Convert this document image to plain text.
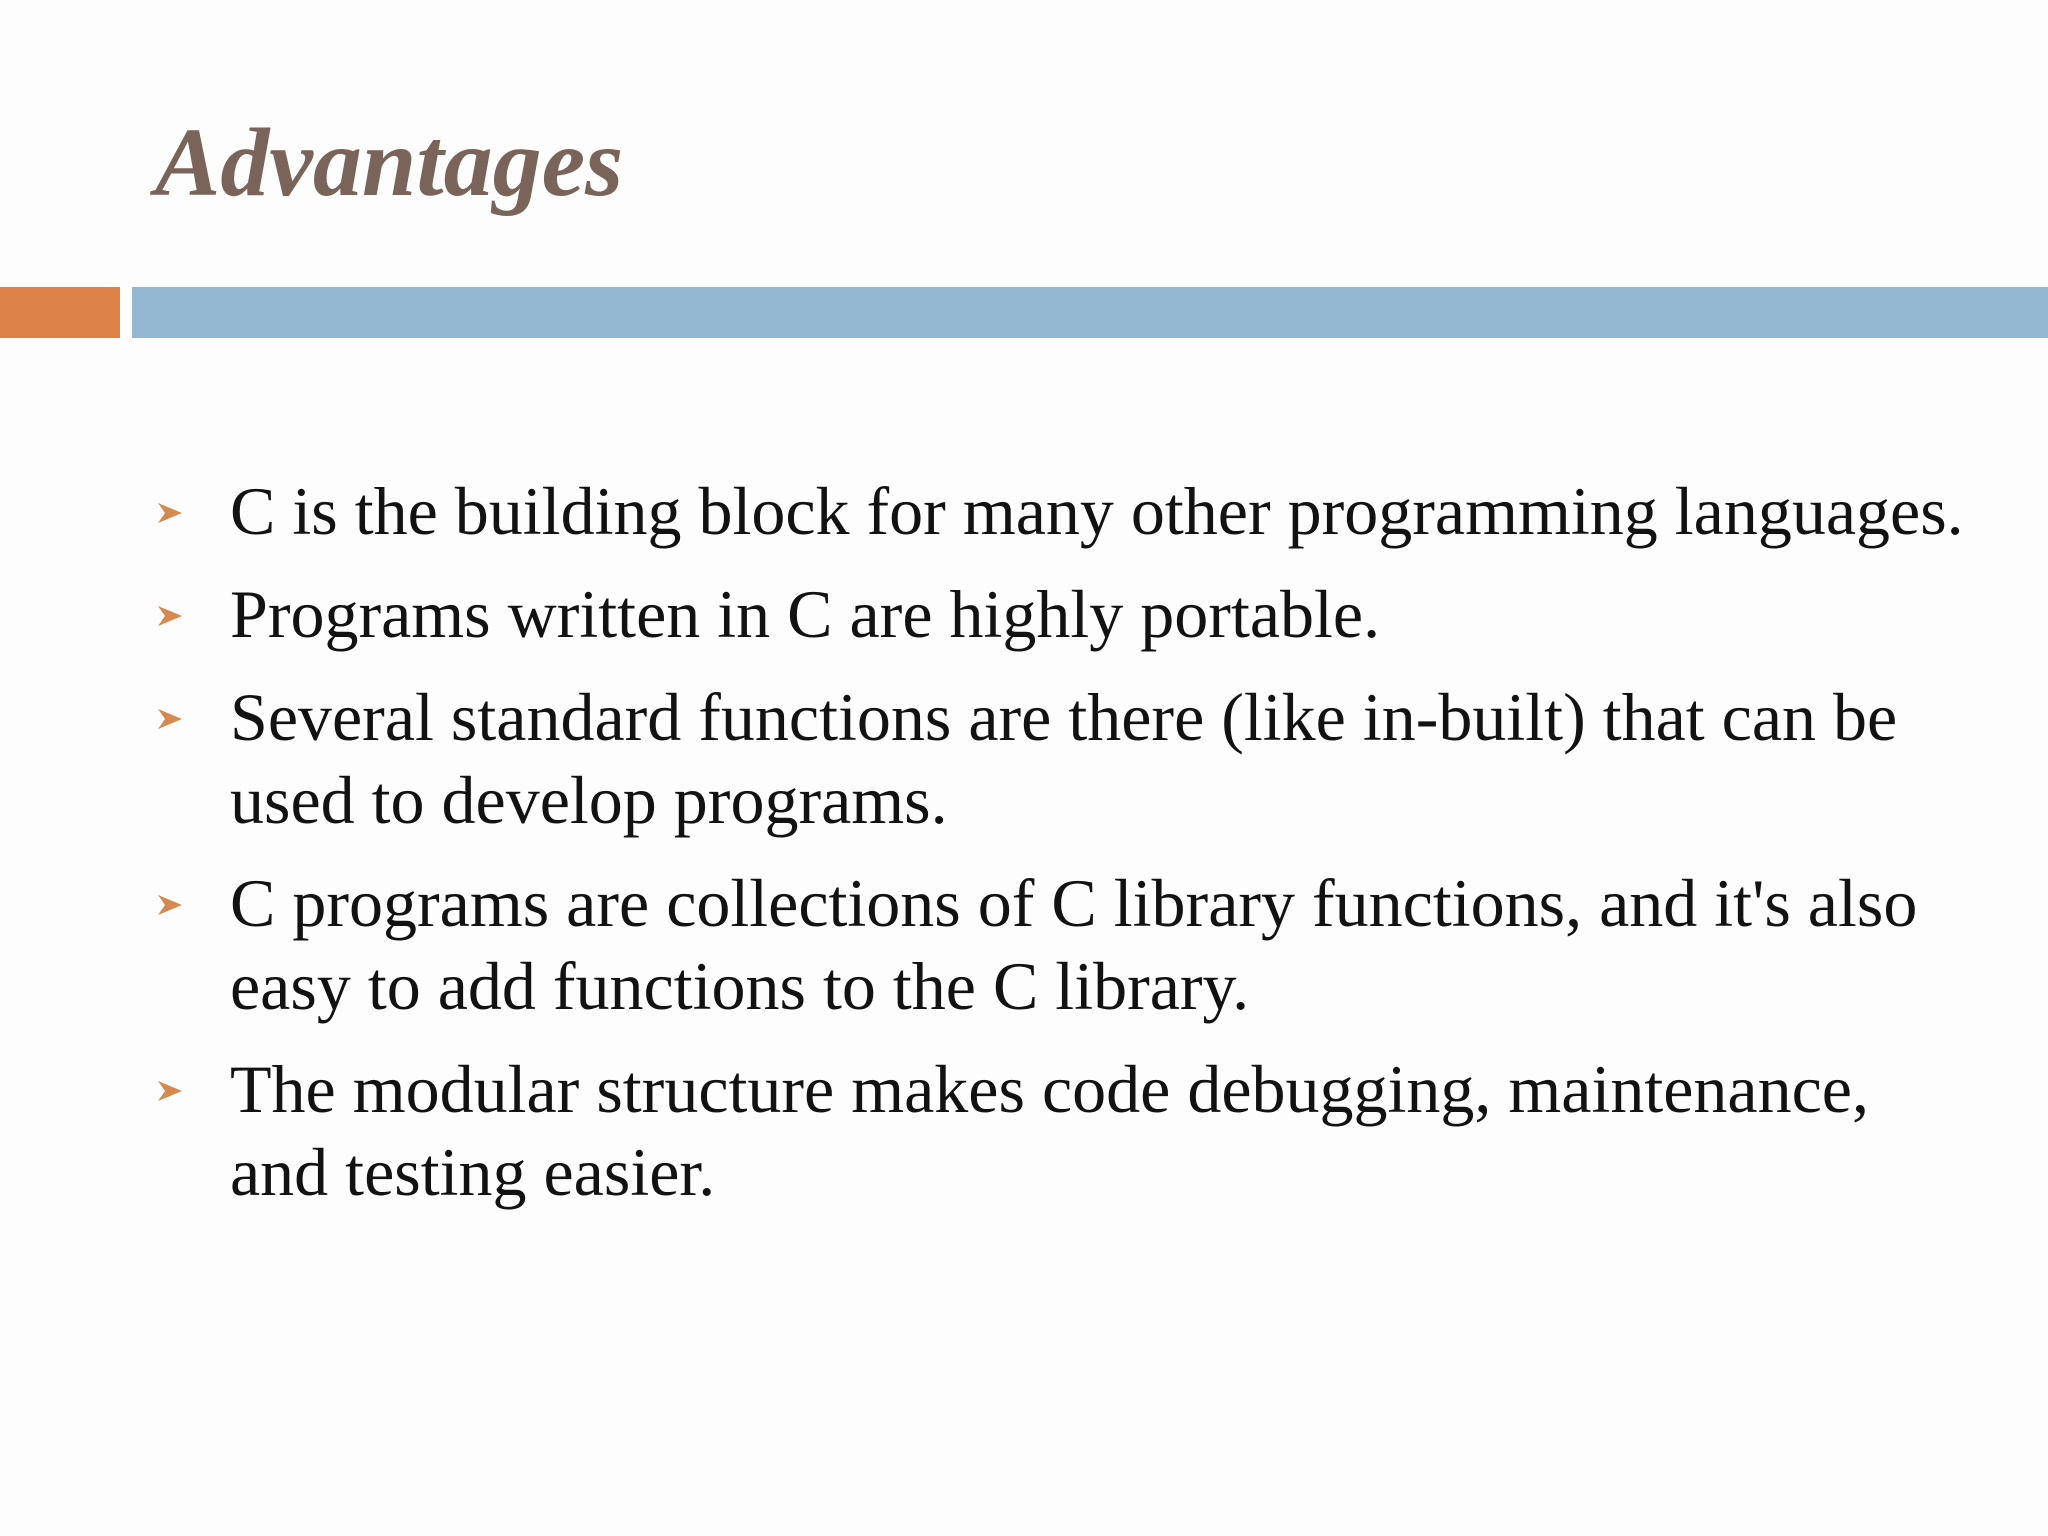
Advantages
C is the building block for many other programming languages.
Programs written in C are highly portable.
Several standard functions are there (like in-built) that can be used to develop programs.
C programs are collections of C library functions, and it's also easy to add functions to the C library.
The modular structure makes code debugging, maintenance, and testing easier.
